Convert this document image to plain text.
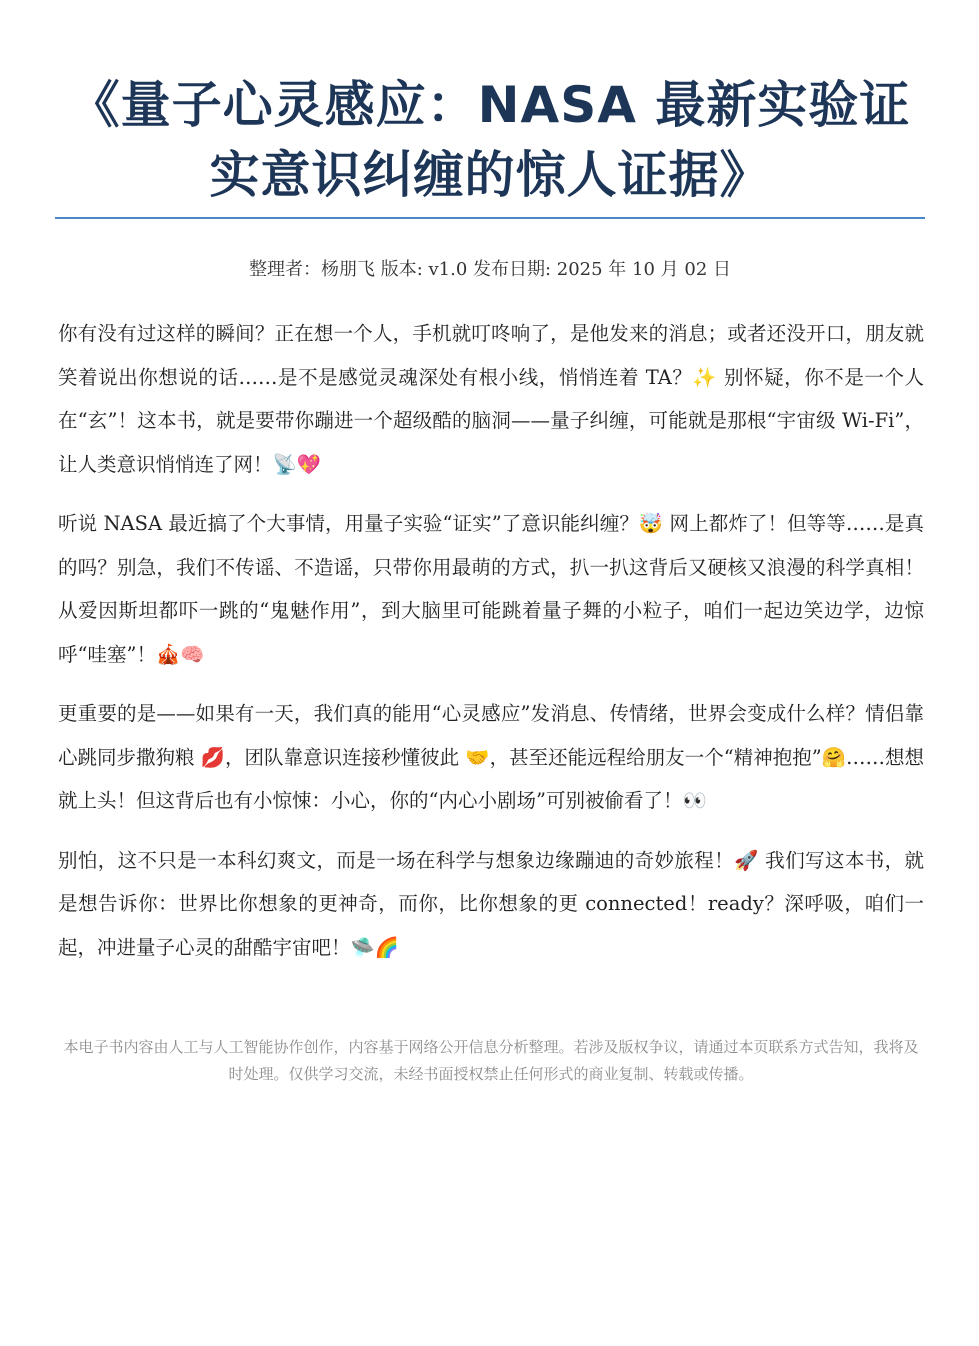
《量子心灵感应：NASA 最新实验证实意识纠缠的惊人证据》
整理者：杨朋飞 版本: v1.0 发布日期: 2025 年 10 月 02 日

你有没有过这样的瞬间？正在想一个人，手机就叮咚响了，是他发来的消息；或者还没开口，朋友就笑着说出你想说的话……是不是感觉灵魂深处有根小线，悄悄连着 TA？✨ 别怀疑，你不是一个人在“玄”！这本书，就是要带你蹦进一个超级酷的脑洞——量子纠缠，可能就是那根“宇宙级 Wi-Fi”，让人类意识悄悄连了网！📡💖

听说 NASA 最近搞了个大事情，用量子实验“证实”了意识能纠缠？🤯 网上都炸了！但等等……是真的吗？别急，我们不传谣、不造谣，只带你用最萌的方式，扒一扒这背后又硬核又浪漫的科学真相！从爱因斯坦都吓一跳的“鬼魅作用”，到大脑里可能跳着量子舞的小粒子，咱们一起边笑边学，边惊呼“哇塞”！🎪🧠

更重要的是——如果有一天，我们真的能用“心灵感应”发消息、传情绪，世界会变成什么样？情侣靠心跳同步撒狗粮 💋，团队靠意识连接秒懂彼此 🤝，甚至还能远程给朋友一个“精神抱抱”🤗……想想就上头！但这背后也有小惊悚：小心，你的“内心小剧场”可别被偷看了！👀

别怕，这不只是一本科幻爽文，而是一场在科学与想象边缘蹦迪的奇妙旅程！🚀 我们写这本书，就是想告诉你：世界比你想象的更神奇，而你，比你想象的更 connected！ready？深呼吸，咱们一起，冲进量子心灵的甜酷宇宙吧！🛸🌈

本电子书内容由人工与人工智能协作创作，内容基于网络公开信息分析整理。若涉及版权争议，请通过本页联系方式告知，我将及时处理。仅供学习交流，未经书面授权禁止任何形式的商业复制、转载或传播。
